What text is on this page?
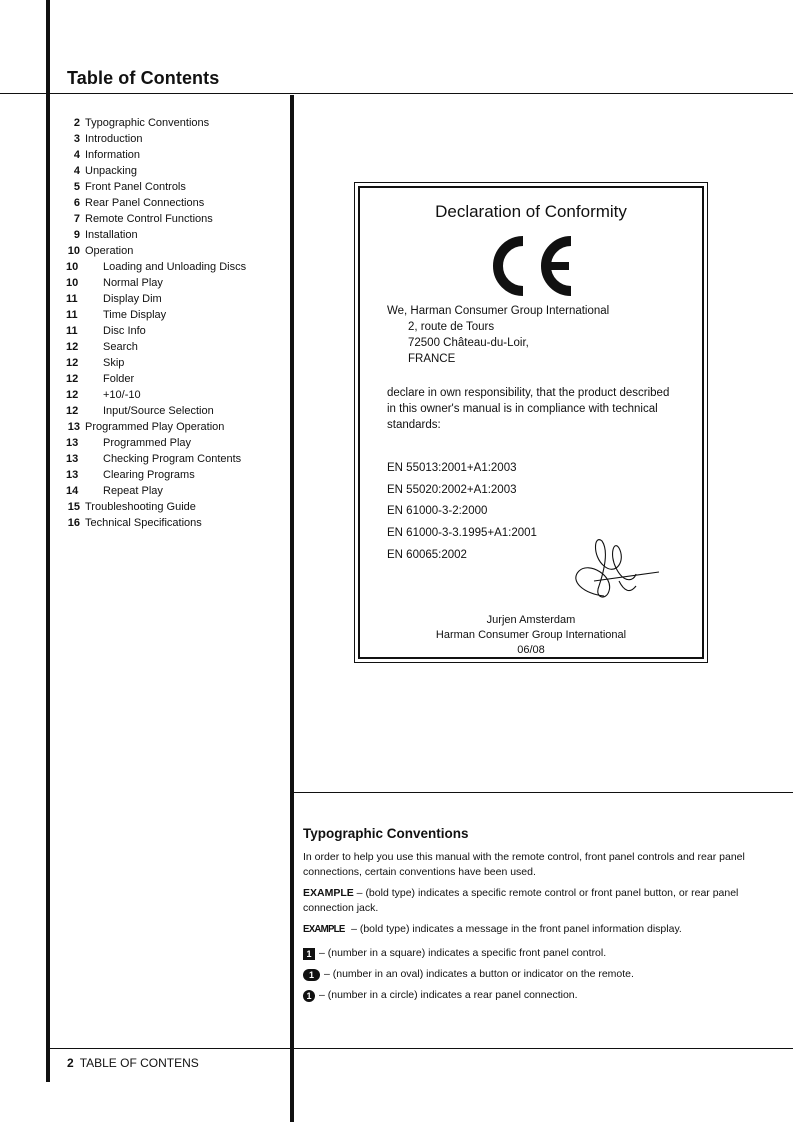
Table of Contents
2 Typographic Conventions
3 Introduction
4 Information
4 Unpacking
5 Front Panel Controls
6 Rear Panel Connections
7 Remote Control Functions
9 Installation
10 Operation
10 Loading and Unloading Discs
10 Normal Play
11 Display Dim
11 Time Display
11 Disc Info
12 Search
12 Skip
12 Folder
12 +10/-10
12 Input/Source Selection
13 Programmed Play Operation
13 Programmed Play
13 Checking Program Contents
13 Clearing Programs
14 Repeat Play
15 Troubleshooting Guide
16 Technical Specifications
Declaration of Conformity
We, Harman Consumer Group International
2, route de Tours
72500 Château-du-Loir,
FRANCE
declare in own responsibility, that the product described
in this owner's manual is in compliance with technical
standards:
EN 55013:2001+A1:2003
EN 55020:2002+A1:2003
EN 61000-3-2:2000
EN 61000-3-3.1995+A1:2001
EN 60065:2002
Jurjen Amsterdam
Harman Consumer Group International
06/08
Typographic Conventions

In order to help you use this manual with the remote control, front panel controls and rear panel connections, certain conventions have been used.

EXAMPLE – (bold type) indicates a specific remote control or front panel button, or rear panel connection jack.

EXAMPLE – (bold type) indicates a message in the front panel information display.

1 – (number in a square) indicates a specific front panel control.
1 – (number in an oval) indicates a button or indicator on the remote.
1 – (number in a circle) indicates a rear panel connection.
2 TABLE OF CONTENS
